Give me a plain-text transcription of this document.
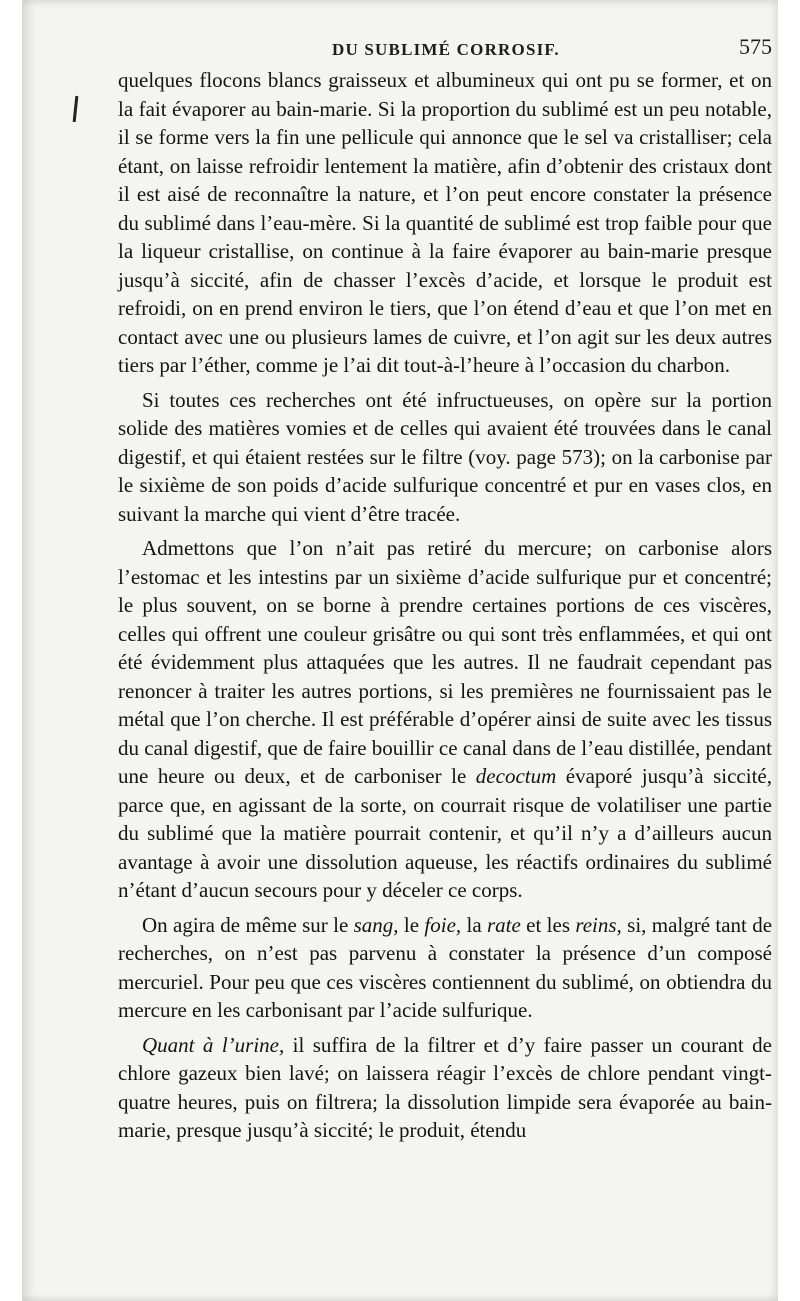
DU SUBLIMÉ CORROSIF.	575

quelques flocons blancs graisseux et albumineux qui ont pu se former, et on la fait évaporer au bain-marie. Si la proportion du sublimé est un peu notable, il se forme vers la fin une pellicule qui annonce que le sel va cristalliser; cela étant, on laisse refroidir lentement la matière, afin d’obtenir des cristaux dont il est aisé de reconnaître la nature, et l’on peut encore constater la présence du sublimé dans l’eau-mère. Si la quantité de sublimé est trop faible pour que la liqueur cristallise, on continue à la faire évaporer au bain-marie presque jusqu’à siccité, afin de chasser l’excès d’acide, et lorsque le produit est refroidi, on en prend environ le tiers, que l’on étend d’eau et que l’on met en contact avec une ou plusieurs lames de cuivre, et l’on agit sur les deux autres tiers par l’éther, comme je l’ai dit tout-à-l’heure à l’occasion du charbon.

Si toutes ces recherches ont été infructueuses, on opère sur la portion solide des matières vomies et de celles qui avaient été trouvées dans le canal digestif, et qui étaient restées sur le filtre (voy. page 573); on la carbonise par le sixième de son poids d’acide sulfurique concentré et pur en vases clos, en suivant la marche qui vient d’être tracée.

Admettons que l’on n’ait pas retiré du mercure; on carbonise alors l’estomac et les intestins par un sixième d’acide sulfurique pur et concentré; le plus souvent, on se borne à prendre certaines portions de ces viscères, celles qui offrent une couleur grisâtre ou qui sont très enflammées, et qui ont été évidemment plus attaquées que les autres. Il ne faudrait cependant pas renoncer à traiter les autres portions, si les premières ne fournissaient pas le métal que l’on cherche. Il est préférable d’opérer ainsi de suite avec les tissus du canal digestif, que de faire bouillir ce canal dans de l’eau distillée, pendant une heure ou deux, et de carboniser le decoctum évaporé jusqu’à siccité, parce que, en agissant de la sorte, on courrait risque de volatiliser une partie du sublimé que la matière pourrait contenir, et qu’il n’y a d’ailleurs aucun avantage à avoir une dissolution aqueuse, les réactifs ordinaires du sublimé n’étant d’aucun secours pour y déceler ce corps.

On agira de même sur le sang, le foie, la rate et les reins, si, malgré tant de recherches, on n’est pas parvenu à constater la présence d’un composé mercuriel. Pour peu que ces viscères contiennent du sublimé, on obtiendra du mercure en les carbonisant par l’acide sulfurique.

Quant à l’urine, il suffira de la filtrer et d’y faire passer un courant de chlore gazeux bien lavé; on laissera réagir l’excès de chlore pendant vingt-quatre heures, puis on filtrera; la dissolution limpide sera évaporée au bain-marie, presque jusqu’à siccité; le produit, étendu
